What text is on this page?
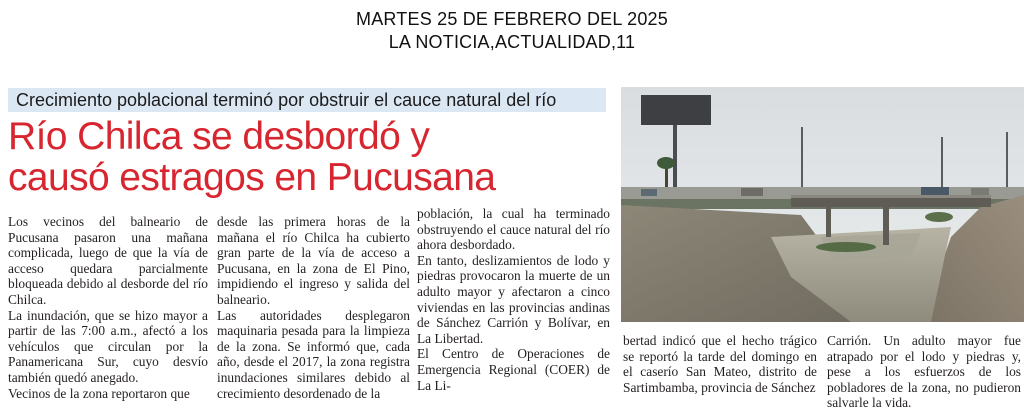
MARTES 25 DE FEBRERO DEL 2025
LA NOTICIA,ACTUALIDAD,11
Crecimiento poblacional terminó por obstruir el cauce natural del río
Río Chilca se desbordó y
causó estragos en Pucusana

Los vecinos del balneario de Pucusana pasaron una mañana complicada, luego de que la vía de acceso quedara parcialmente bloqueada debido al desborde del río Chilca.

La inundación, que se hizo mayor a partir de las 7:00 a.m., afectó a los vehículos que circulan por la Panamericana Sur, cuyo desvío también quedó anegado.

Vecinos de la zona reportaron que

desde las primera horas de la mañana el río Chilca ha cubierto gran parte de la vía de acceso a Pucusana, en la zona de El Pino, impidiendo el ingreso y salida del balneario.

Las autoridades desplegaron maquinaria pesada para la limpieza de la zona. Se informó que, cada año, desde el 2017, la zona registra inundaciones similares debido al crecimiento desordenado de la

población, la cual ha terminado obstruyendo el cauce natural del río ahora desbordado.

En tanto, deslizamientos de lodo y piedras provocaron la muerte de un adulto mayor y afectaron a cinco viviendas en las provincias andinas de Sánchez Carrión y Bolívar, en La Libertad.

El Centro de Operaciones de Emergencia Regional (COER) de La Li-

bertad indicó que el hecho trágico se reportó la tarde del domingo en el caserío San Mateo, distrito de Sartimbamba, provincia de Sánchez

Carrión. Un adulto mayor fue atrapado por el lodo y piedras y, pese a los esfuerzos de los pobladores de la zona, no pudieron salvarle la vida.
